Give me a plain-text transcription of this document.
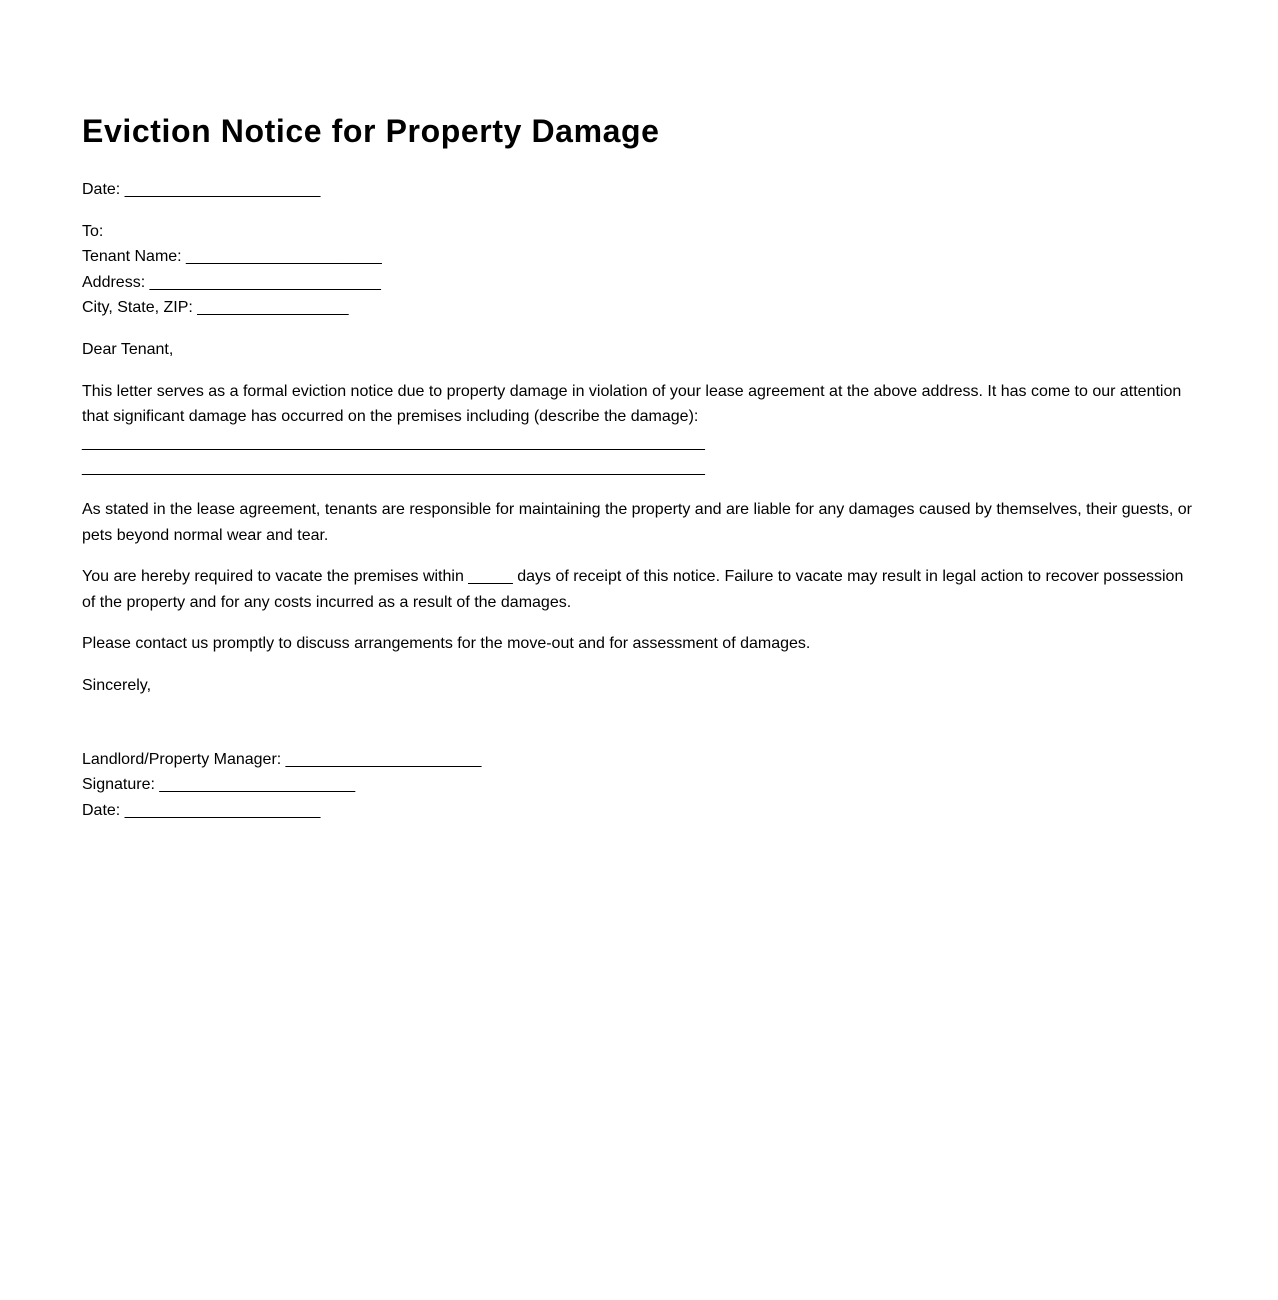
Eviction Notice for Property Damage

Date: ______________________

To:

Tenant Name: ______________________

Address: __________________________

City, State, ZIP: _________________

Dear Tenant,

This letter serves as a formal eviction notice due to property damage in violation of your lease agreement at the above address. It has come to our attention that significant damage has occurred on the premises including (describe the damage):

______________________________________________________________________

______________________________________________________________________

As stated in the lease agreement, tenants are responsible for maintaining the property and are liable for any damages caused by themselves, their guests, or pets beyond normal wear and tear.

You are hereby required to vacate the premises within _____ days of receipt of this notice. Failure to vacate may result in legal action to recover possession of the property and for any costs incurred as a result of the damages.

Please contact us promptly to discuss arrangements for the move-out and for assessment of damages.

Sincerely,

Landlord/Property Manager: ______________________

Signature: ______________________

Date: ______________________
